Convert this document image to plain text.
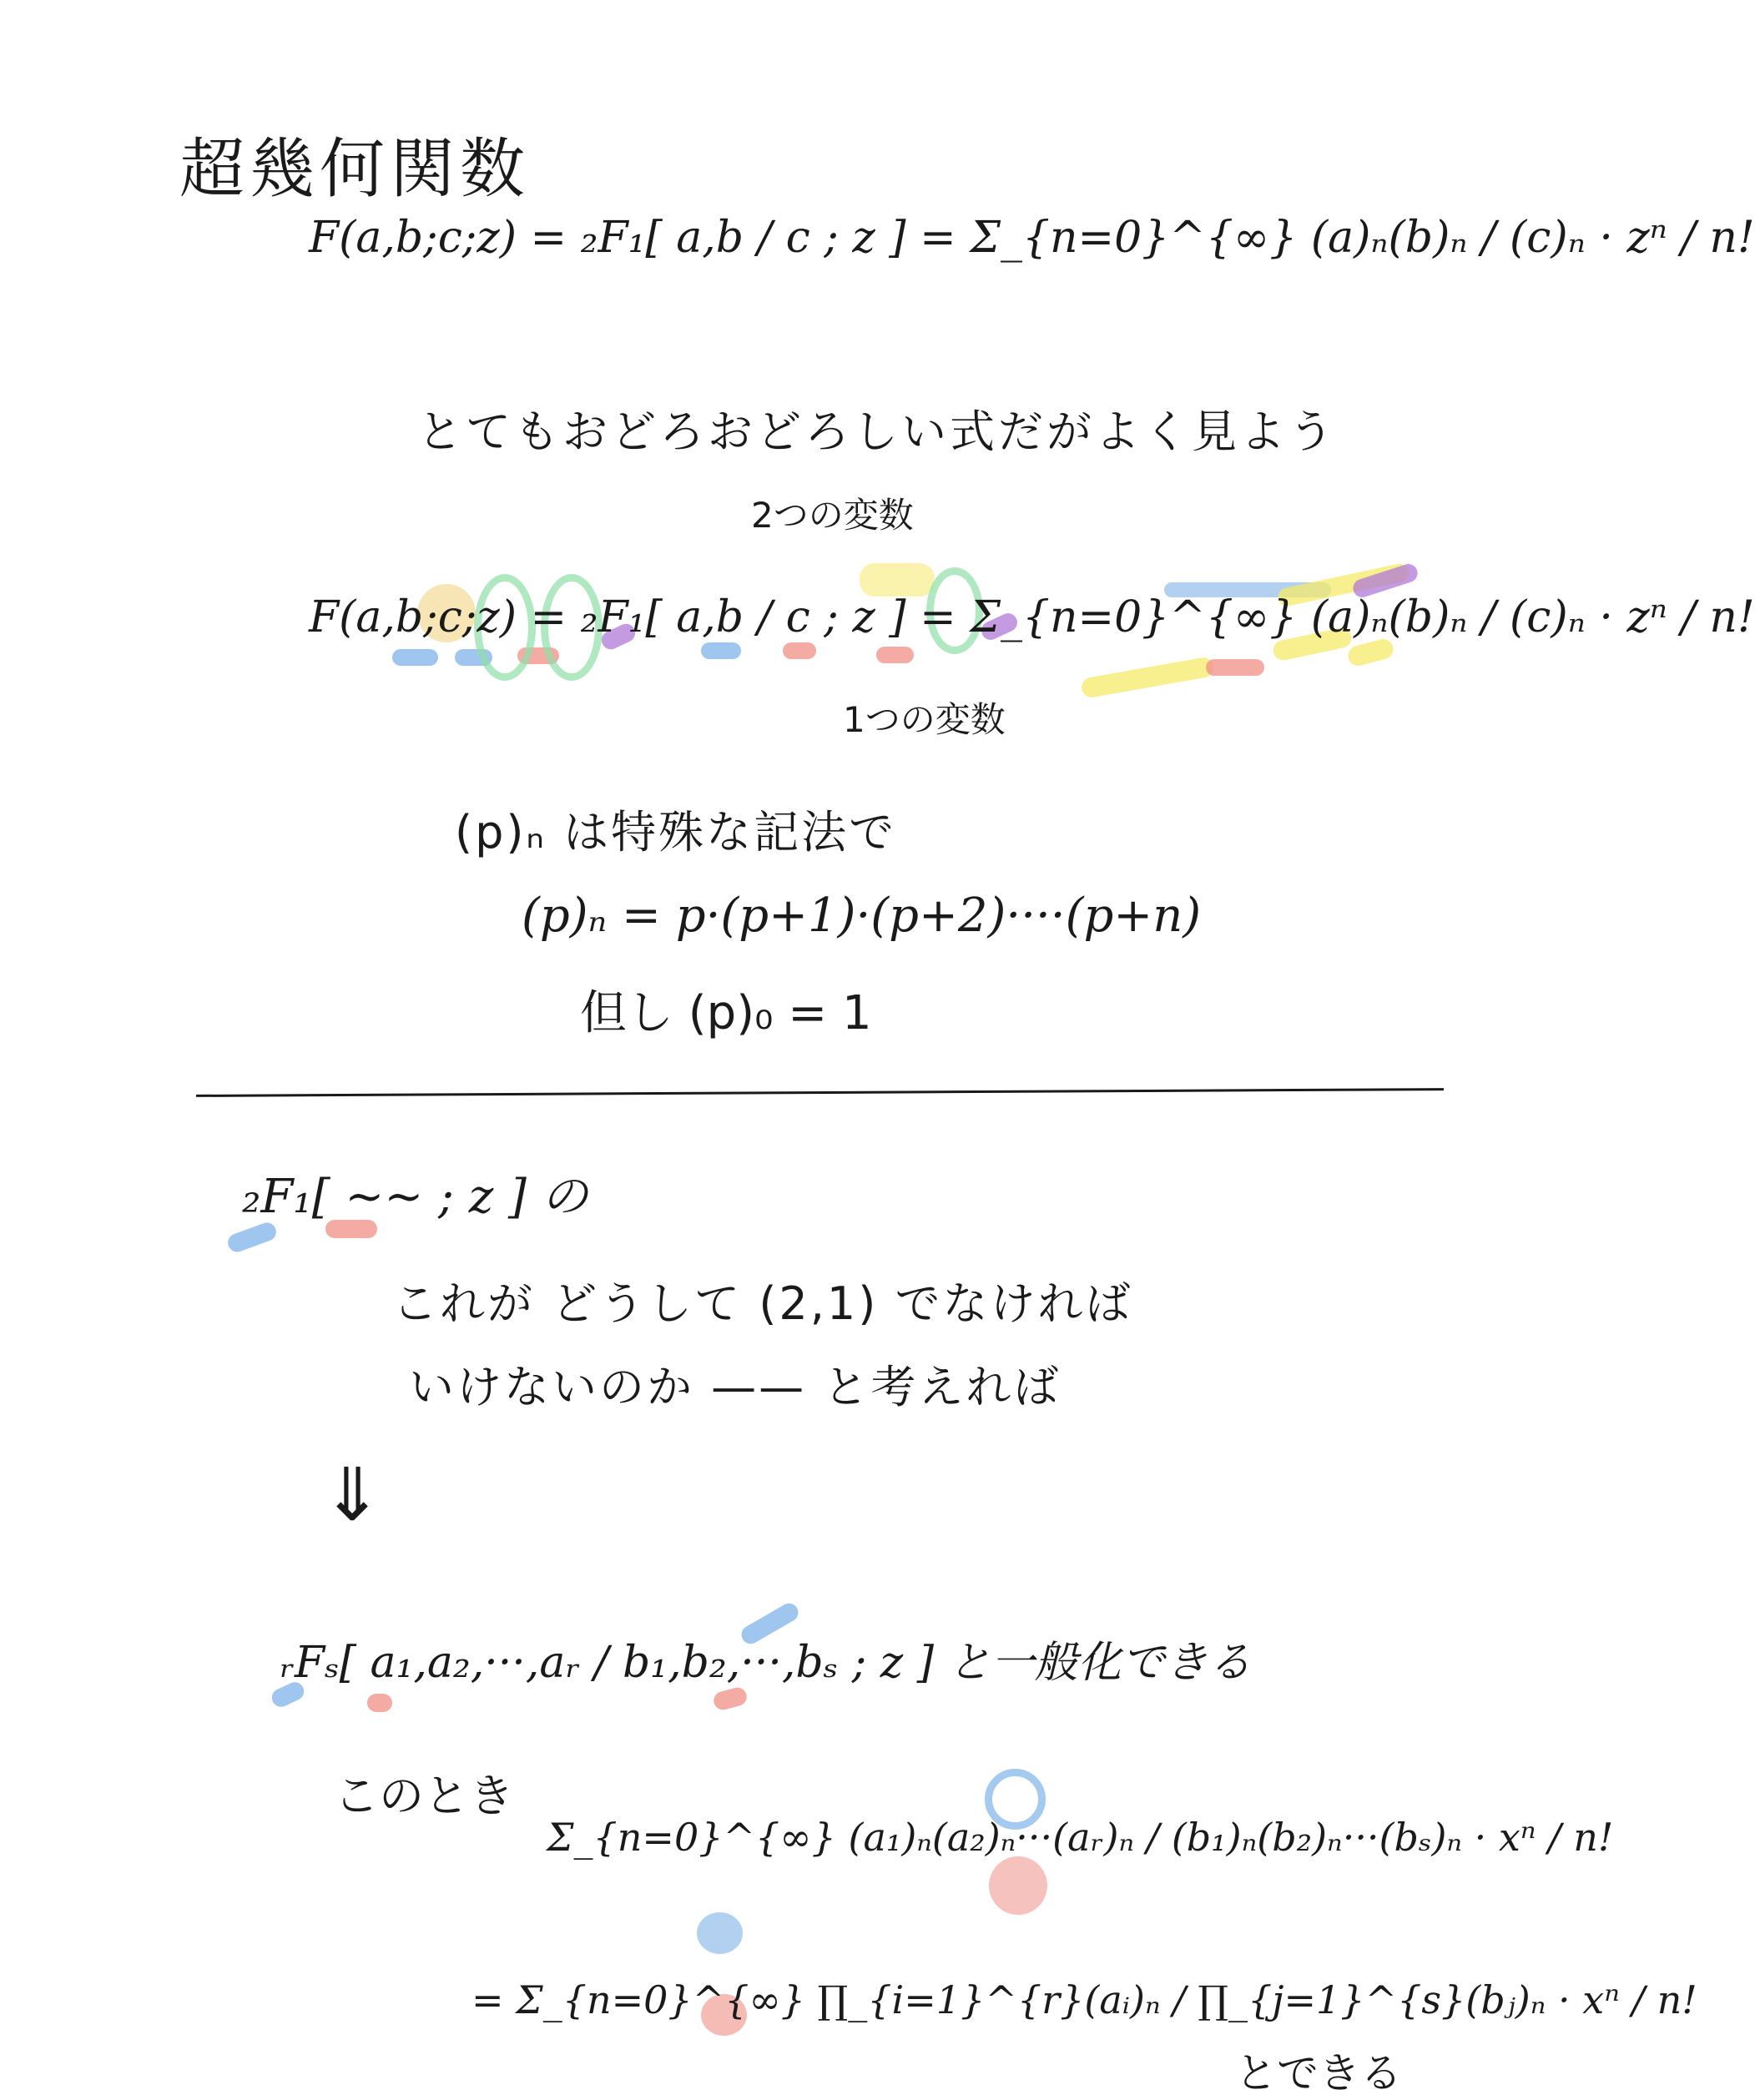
超幾何関数
F(a,b;c;z) = ₂F₁[ a,b / c ; z ] = Σ_{n=0}^{∞} (a)ₙ(b)ₙ / (c)ₙ · zⁿ / n!
とてもおどろおどろしい式だがよく見よう
2つの変数
F(a,b;c;z) = ₂F₁[ a,b / c ; z ] = Σ_{n=0}^{∞} (a)ₙ(b)ₙ / (c)ₙ · zⁿ / n!
1つの変数
(p)ₙ は特殊な記法で
(p)ₙ = p·(p+1)·(p+2)····(p+n)
但し (p)₀ = 1
₂F₁[ ~~ ; z ] の
これが どうして (2,1) でなければ
いけないのか —— と考えれば
⇓
ᵣFₛ[ a₁,a₂,···,aᵣ / b₁,b₂,···,bₛ ; z ] と一般化できる
このとき
Σ_{n=0}^{∞} (a₁)ₙ(a₂)ₙ···(aᵣ)ₙ / (b₁)ₙ(b₂)ₙ···(bₛ)ₙ · xⁿ / n!
= Σ_{n=0}^{∞} ∏_{i=1}^{r}(aᵢ)ₙ / ∏_{j=1}^{s}(bⱼ)ₙ · xⁿ / n!
とできる
